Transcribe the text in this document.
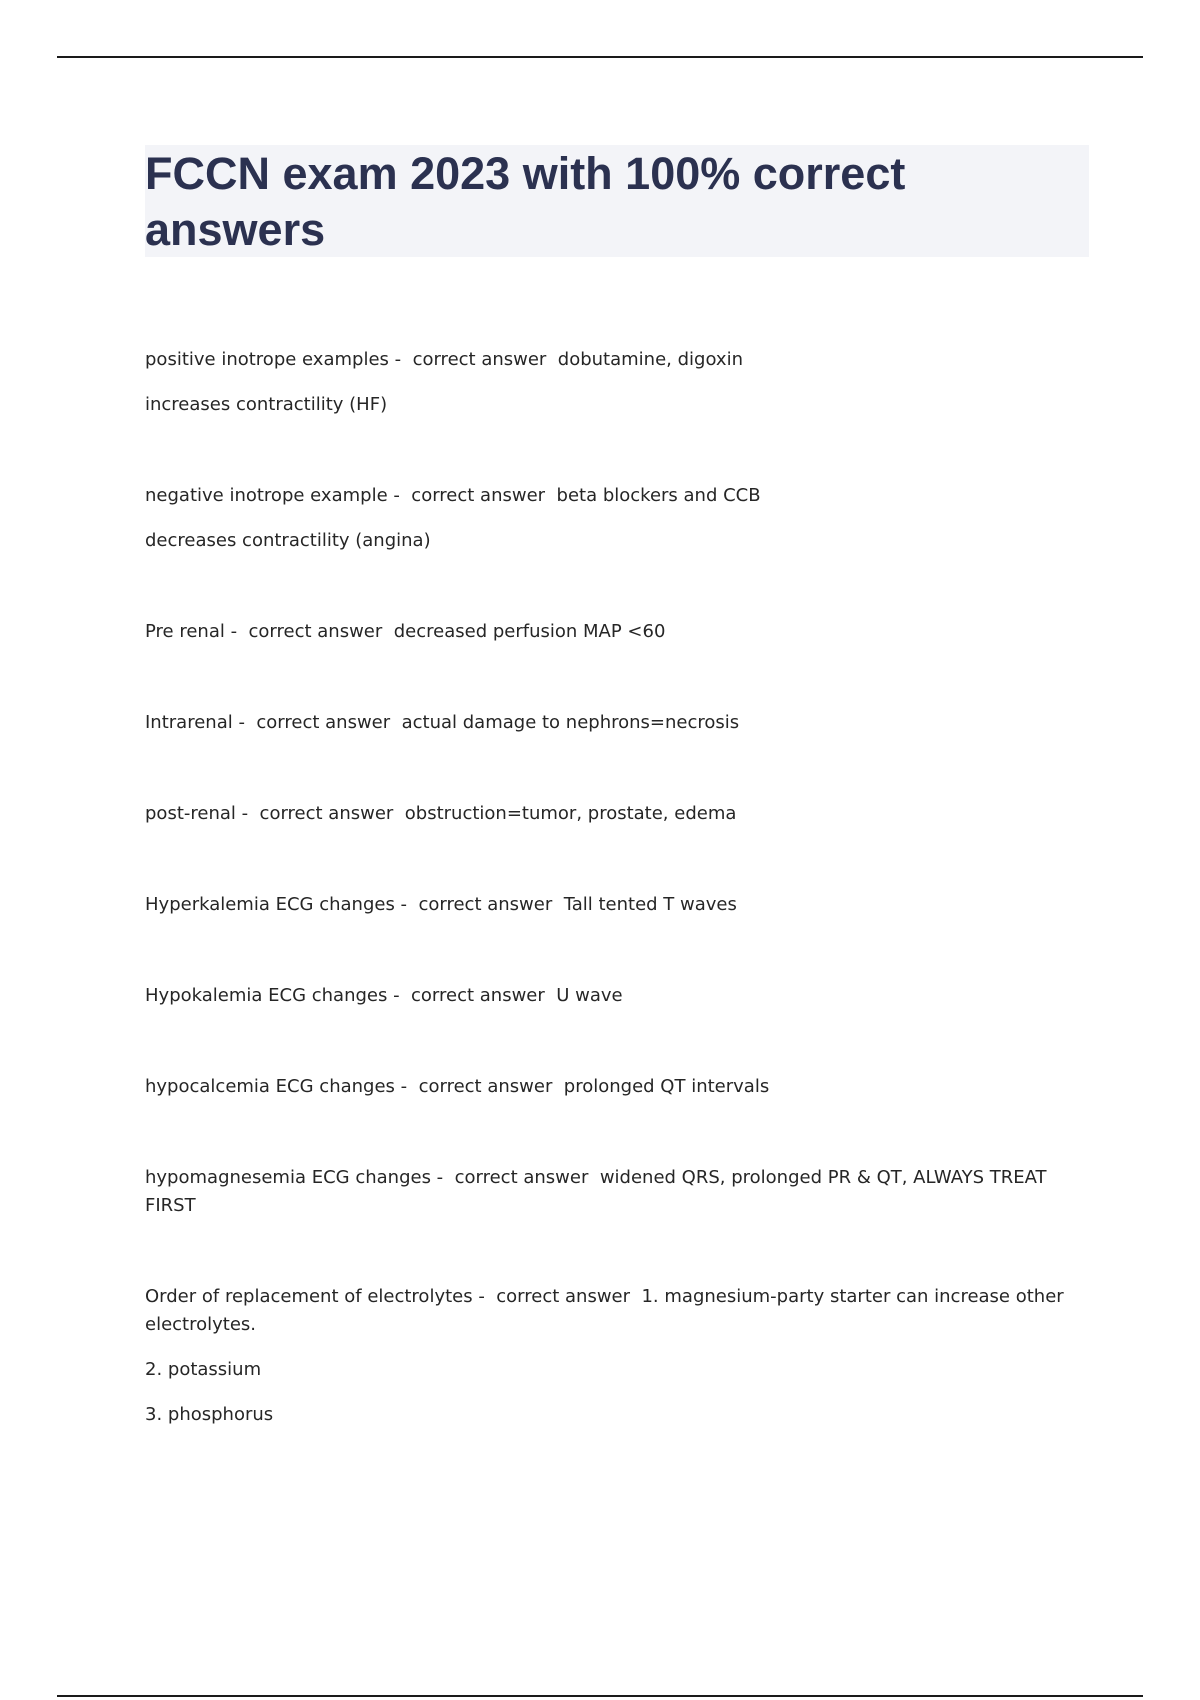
FCCN exam 2023 with 100% correct answers

positive inotrope examples -  correct answer  dobutamine, digoxin

increases contractility (HF)

negative inotrope example -  correct answer  beta blockers and CCB

decreases contractility (angina)

Pre renal -  correct answer  decreased perfusion MAP <60

Intrarenal -  correct answer  actual damage to nephrons=necrosis

post-renal -  correct answer  obstruction=tumor, prostate, edema

Hyperkalemia ECG changes -  correct answer  Tall tented T waves

Hypokalemia ECG changes -  correct answer  U wave

hypocalcemia ECG changes -  correct answer  prolonged QT intervals

hypomagnesemia ECG changes -  correct answer  widened QRS, prolonged PR & QT, ALWAYS TREAT FIRST

Order of replacement of electrolytes -  correct answer  1. magnesium-party starter can increase other electrolytes.

2. potassium

3. phosphorus
